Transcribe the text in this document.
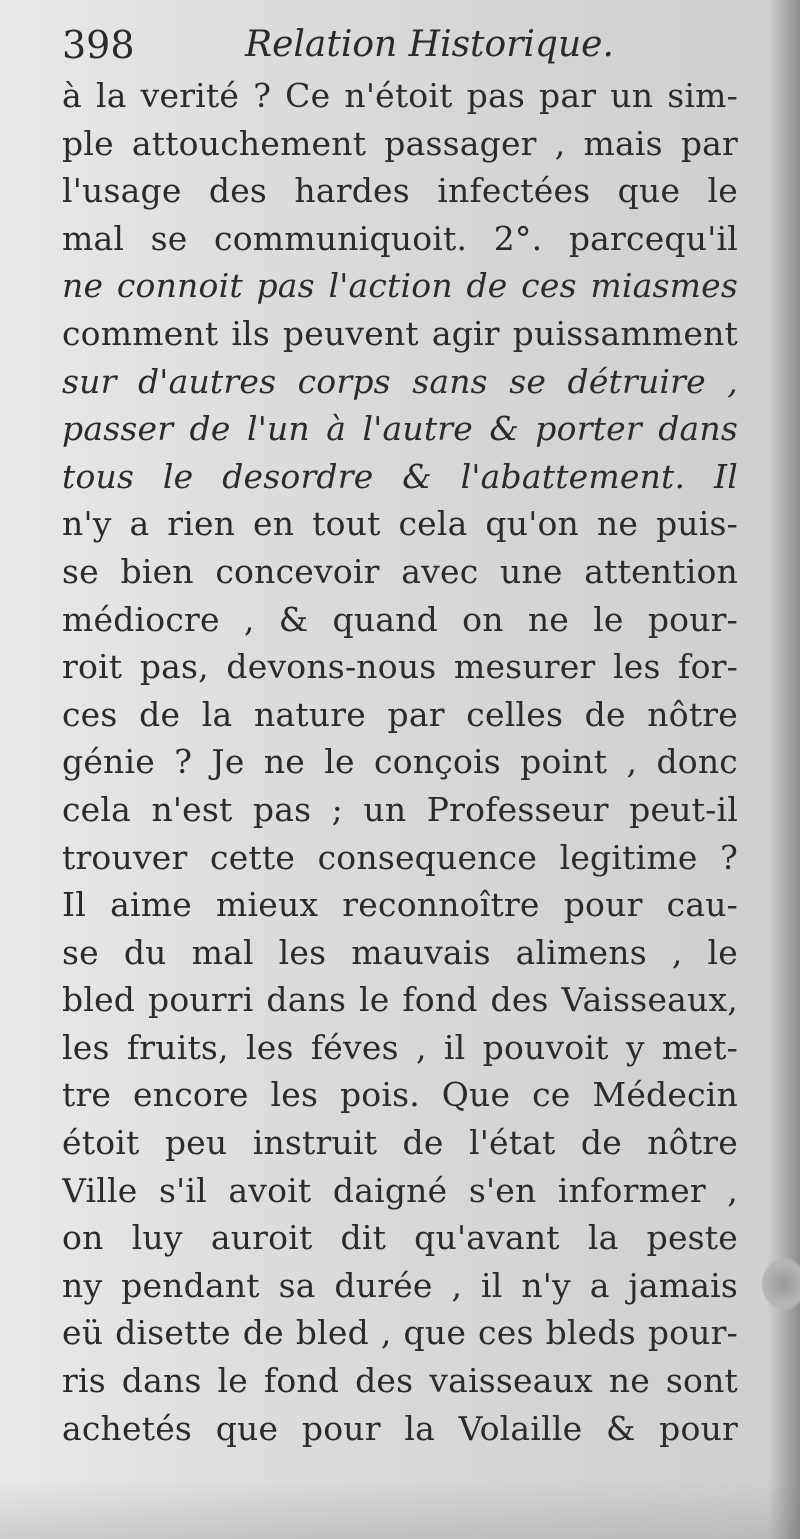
398	Relation Historique.
à la verité ? Ce n'étoit pas par un sim-
ple attouchement passager , mais par
l'usage des hardes infectées que le
mal se communiquoit. 2°. parcequ'il
ne connoit pas l'action de ces miasmes
comment ils peuvent agir puissamment
sur d'autres corps sans se détruire ,
passer de l'un à l'autre & porter dans
tous le desordre & l'abattement. Il
n'y a rien en tout cela qu'on ne puis-
se bien concevoir avec une attention
médiocre , & quand on ne le pour-
roit pas, devons-nous mesurer les for-
ces de la nature par celles de nôtre
génie ? Je ne le conçois point , donc
cela n'est pas ; un Professeur peut-il
trouver cette consequence legitime ?
Il aime mieux reconnoître pour cau-
se du mal les mauvais alimens , le
bled pourri dans le fond des Vaisseaux,
les fruits, les féves , il pouvoit y met-
tre encore les pois. Que ce Médecin
étoit peu instruit de l'état de nôtre
Ville s'il avoit daigné s'en informer ,
on luy auroit dit qu'avant la peste
ny pendant sa durée , il n'y a jamais
eü disette de bled , que ces bleds pour-
ris dans le fond des vaisseaux ne sont
achetés que pour la Volaille & pour
